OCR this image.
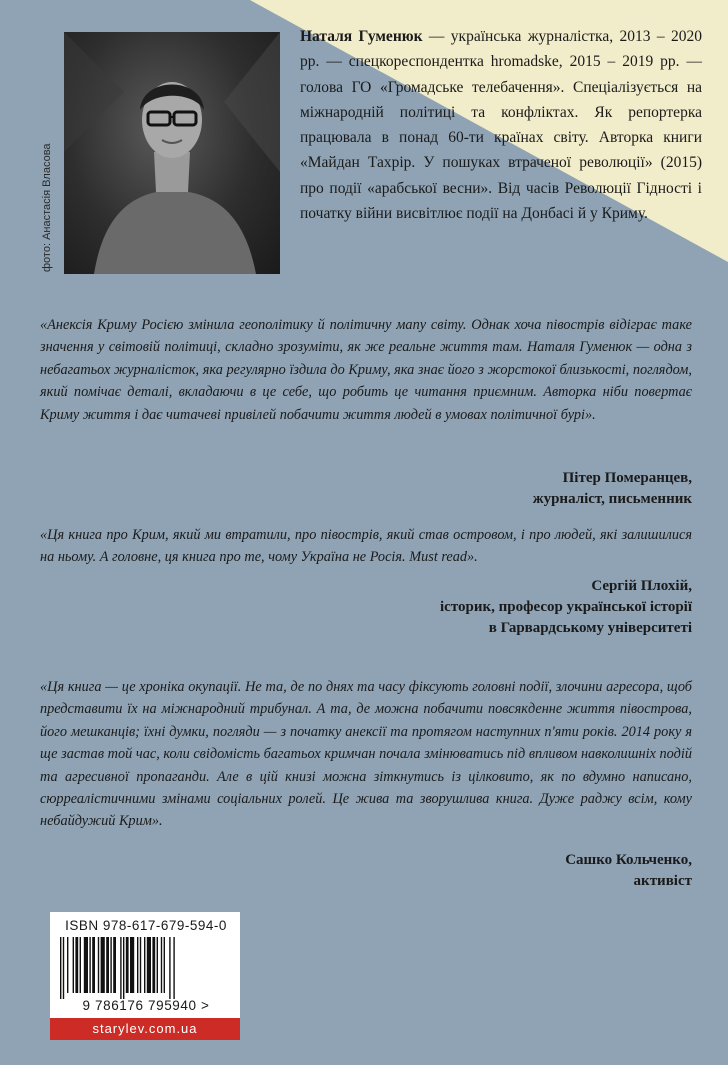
фото: Анастасія Власова

Наталя Гуменюк — українська журналістка, 2013 – 2020 рр. — спецкореспондентка hromadske, 2015 – 2019 рр. — голова ГО «Громадське телебачення». Спеціалізується на міжнародній політиці та конфліктах. Як репортерка працювала в понад 60-ти країнах світу. Авторка книги «Майдан Тахрір. У пошуках втраченої революції» (2015) про події «арабської весни». Від часів Революції Гідності і початку війни висвітлює події на Донбасі й у Криму.

«Анексія Криму Росією змінила геополітику й політичну мапу світу. Однак хоча півострів відіграє таке значення у світовій політиці, складно зрозуміти, як же реальне життя там. Наталя Гуменюк — одна з небагатьох журналісток, яка регулярно їздила до Криму, яка знає його з жорстокої близькості, поглядом, який помічає деталі, вкладаючи в це себе, що робить це читання приємним. Авторка ніби повертає Криму життя і дає читачеві привілей побачити життя людей в умовах політичної бурі».

Пітер Померанцев,
журналіст, письменник

«Ця книга про Крим, який ми втратили, про півострів, який став островом, і про людей, які залишилися на ньому. А головне, ця книга про те, чому Україна не Росія. Must read».

Сергій Плохій,
історик, професор української історії
в Гарвардському університеті

«Ця книга — це хроніка окупації. Не та, де по днях та часу фіксують головні події, злочини агресора, щоб представити їх на міжнародний трибунал. А та, де можна побачити повсякденне життя півострова, його мешканців; їхні думки, погляди — з початку анексії та протягом наступних п'яти років. 2014 року я ще застав той час, коли свідомість багатьох кримчан почала змінюватись під впливом навколишніх подій та агресивної пропаганди. Але в цій книзі можна зіткнутись із цілковито, як по вдумно написано, сюрреалістичними змінами соціальних ролей. Це жива та зворушлива книга. Дуже раджу всім, кому небайдужий Крим».

Сашко Кольченко,
активіст
ISBN 978-617-679-594-0
9 786176 795940 >
starylev.com.ua
